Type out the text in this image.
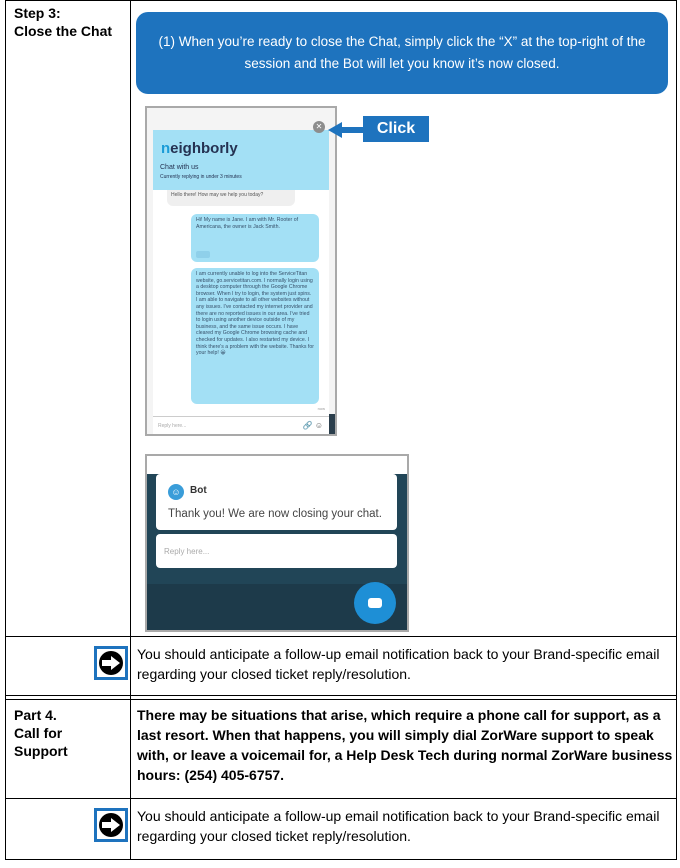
Step 3:
Close the Chat
(1) When you’re ready to close the Chat, simply click the “X” at the top-right of the session and the Bot will let you know it’s now closed.
neighborly
Chat with us
Currently replying in under 3 minutes
✕
Hello there! How may we help you today?
Hi! My name is Jane. I am with Mr. Rooter of Americana, the owner is Jack Smith.
I am currently unable to log into the ServiceTitan website, go.servicetitan.com. I normally login using a desktop computer through the Google Chrome browser. When I try to login, the system just spins. I am able to navigate to all other websites without any issues. I've contacted my internet provider and there are no reported issues in our area. I've tried to login using another device outside of my business, and the same issue occurs. I have cleared my Google Chrome browsing cache and checked for updates. I also restarted my device. I think there's a problem with the website. Thanks for your help! 😀
now
Reply here...	🔗 ☺
Click
☺ Bot
Thank you! We are now closing your chat.
Reply here...
You should anticipate a follow-up email notification back to your Brand-specific email regarding your closed ticket reply/resolution.
Part 4.
Call for
Support
There may be situations that arise, which require a phone call for support, as a last resort. When that happens, you will simply dial ZorWare support to speak with, or leave a voicemail for, a Help Desk Tech during normal ZorWare business hours: (254) 405-6757.
You should anticipate a follow-up email notification back to your Brand-specific email regarding your closed ticket reply/resolution.
